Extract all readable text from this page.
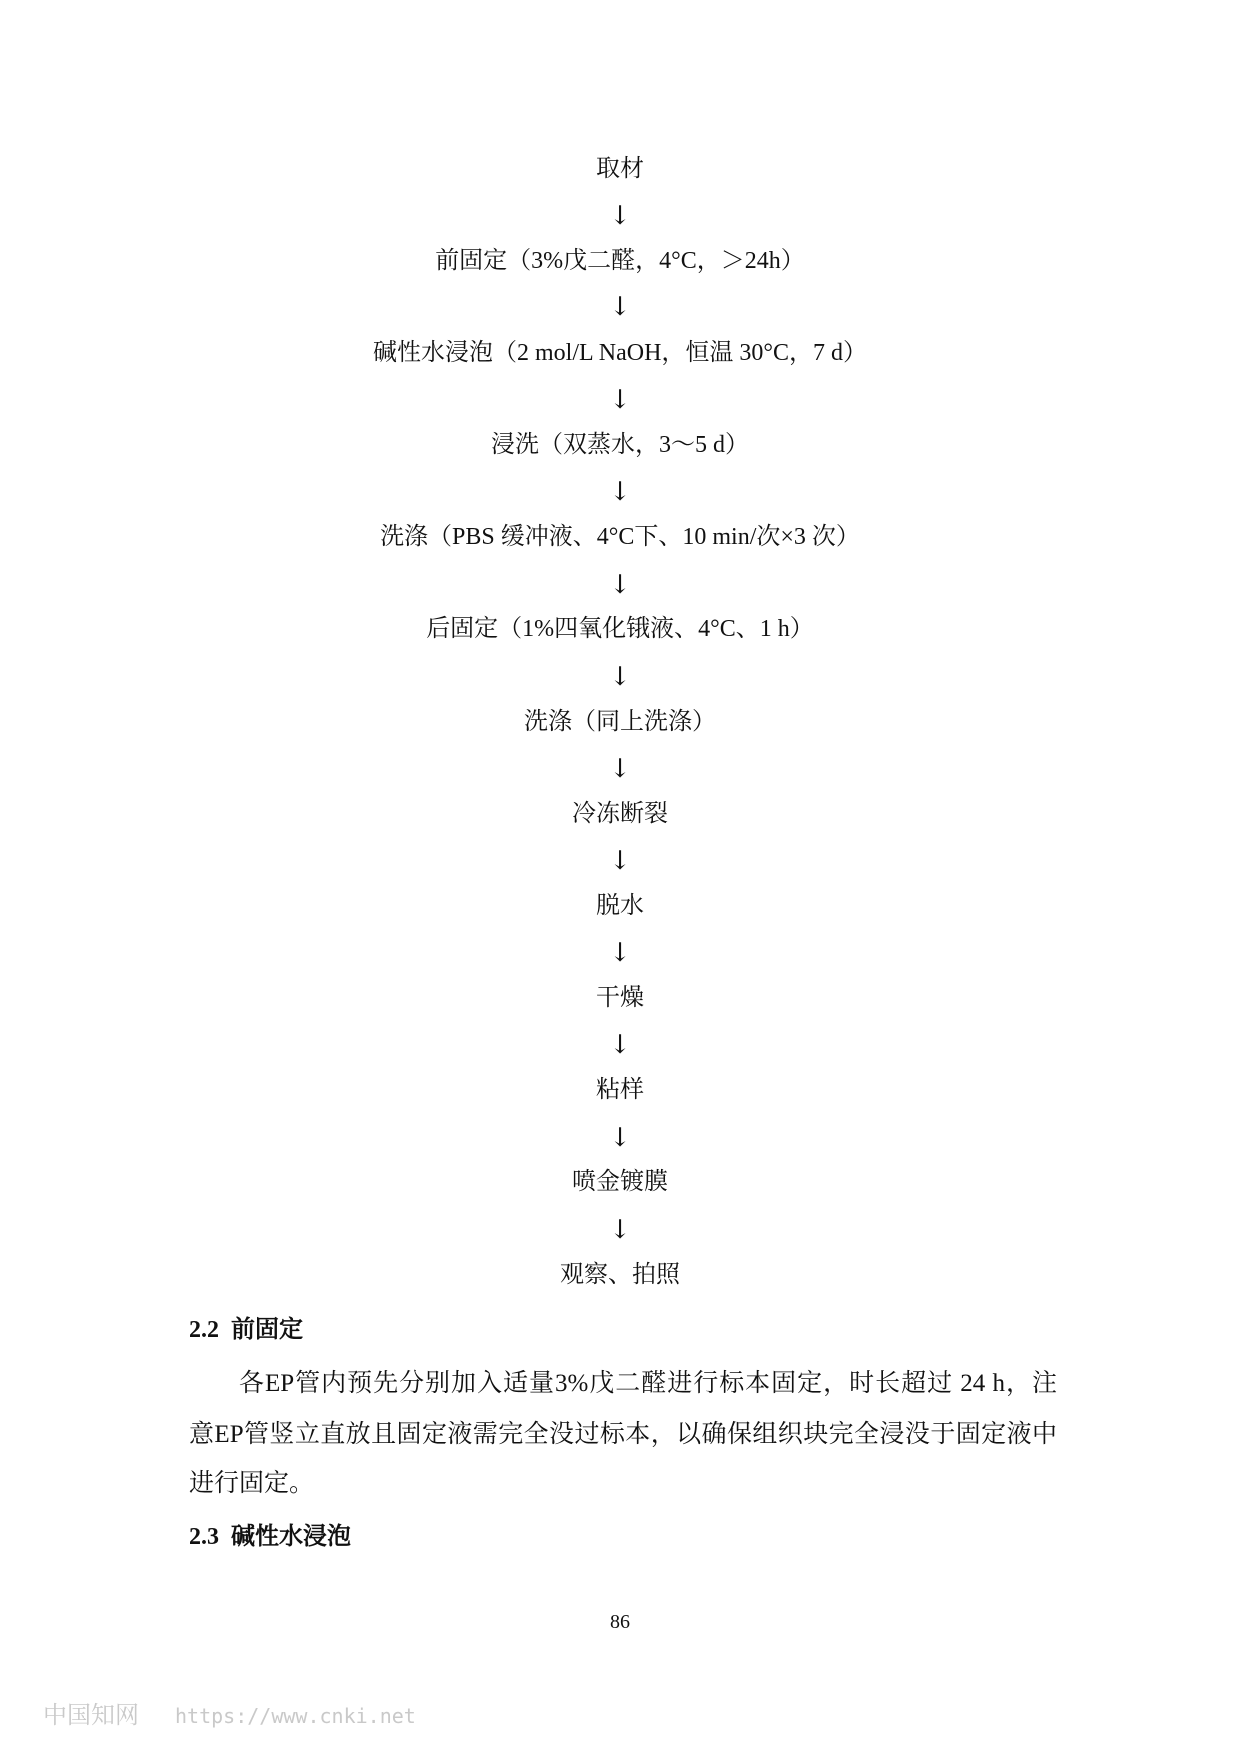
取材
↓
前固定（3%戊二醛，4°C，＞24h）
↓
碱性水浸泡（2 mol/L NaOH，恒温 30°C，7 d）
↓
浸洗（双蒸水，3～5 d）
↓
洗涤（PBS 缓冲液、4°C下、10 min/次×3 次）
↓
后固定（1%四氧化锇液、4°C、1 h）
↓
洗涤（同上洗涤）
↓
冷冻断裂
↓
脱水
↓
干燥
↓
粘样
↓
喷金镀膜
↓
观察、拍照
2.2 前固定
各EP管内预先分别加入适量3%戊二醛进行标本固定，时长超过 24 h，注
意EP管竖立直放且固定液需完全没过标本，以确保组织块完全浸没于固定液中
进行固定。
2.3 碱性水浸泡
86
中国知网 https://www.cnki.net
